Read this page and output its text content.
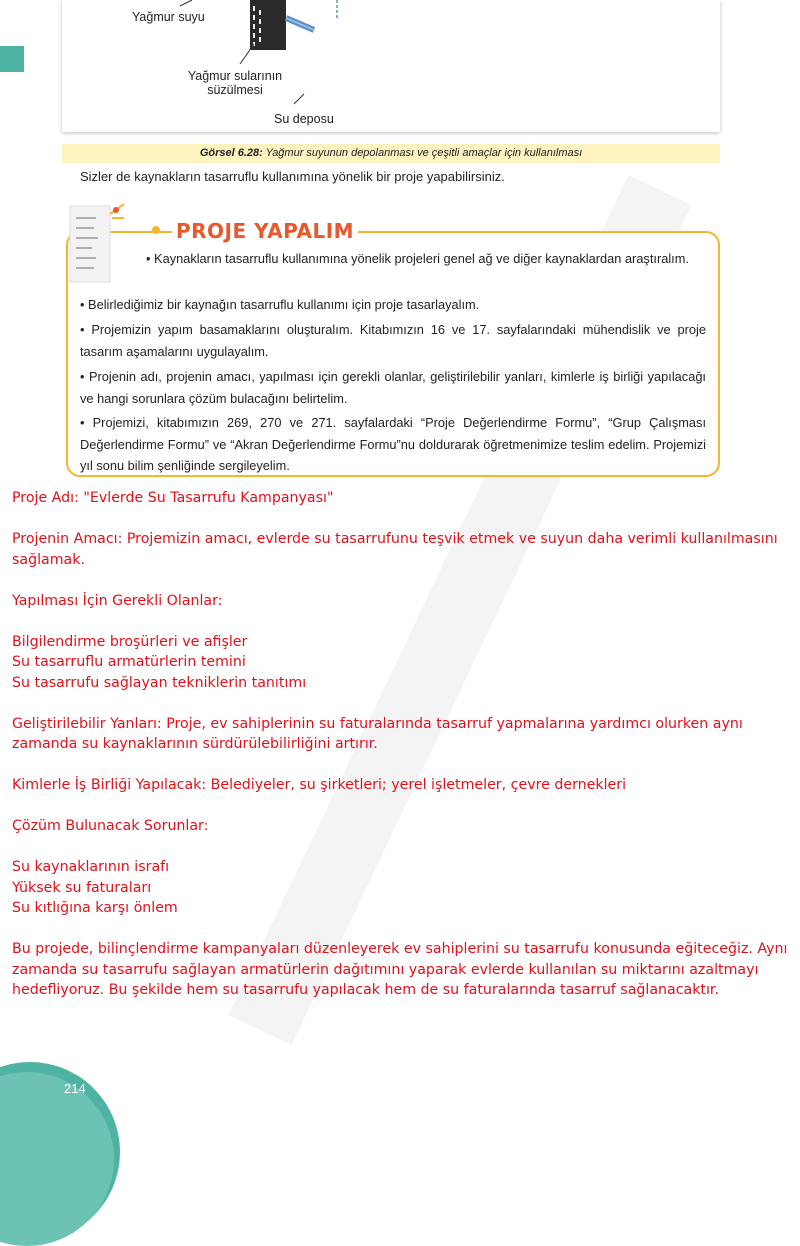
Yağmur suyu
Yağmur sularının
süzülmesi
Su deposu
Görsel 6.28: Yağmur suyunun depolanması ve çeşitli amaçlar için kullanılması
Sizler de kaynakların tasarruflu kullanımına yönelik bir proje yapabilirsiniz.
PROJE YAPALIM
• Kaynakların tasarruflu kullanımına yönelik projeleri genel ağ ve diğer kaynaklardan araştıralım.
• Belirlediğimiz bir kaynağın tasarruflu kullanımı için proje tasarlayalım.
• Projemizin yapım basamaklarını oluşturalım. Kitabımızın 16 ve 17. sayfalarındaki mühendislik ve proje tasarım aşamalarını uygulayalım.
• Projenin adı, projenin amacı, yapılması için gerekli olanlar, geliştirilebilir yanları, kimlerle iş birliği yapılacağı ve hangi sorunlara çözüm bulacağını belirtelim.
• Projemizi, kitabımızın 269, 270 ve 271. sayfalardaki “Proje Değerlendirme Formu”, “Grup Çalışması Değerlendirme Formu” ve “Akran Değerlendirme Formu”nu doldurarak öğretmenimize teslim edelim. Projemizi yıl sonu bilim şenliğinde sergileyelim.

Proje Adı: "Evlerde Su Tasarrufu Kampanyası"

Projenin Amacı: Projemizin amacı, evlerde su tasarrufunu teşvik etmek ve suyun daha verimli kullanılmasını sağlamak.

Yapılması İçin Gerekli Olanlar:

Bilgilendirme broşürleri ve afişler

Su tasarruflu armatürlerin temini

Su tasarrufu sağlayan tekniklerin tanıtımı

Geliştirilebilir Yanları: Proje, ev sahiplerinin su faturalarında tasarruf yapmalarına yardımcı olurken aynı zamanda su kaynaklarının sürdürülebilirliğini artırır.

Kimlerle İş Birliği Yapılacak: Belediyeler, su şirketleri; yerel işletmeler, çevre dernekleri

Çözüm Bulunacak Sorunlar:

Su kaynaklarının israfı

Yüksek su faturaları

Su kıtlığına karşı önlem

Bu projede, bilinçlendirme kampanyaları düzenleyerek ev sahiplerini su tasarrufu konusunda eğiteceğiz. Aynı zamanda su tasarrufu sağlayan armatürlerin dağıtımını yaparak evlerde kullanılan su miktarını azaltmayı hedefliyoruz. Bu şekilde hem su tasarrufu yapılacak hem de su faturalarında tasarruf sağlanacaktır.

214
